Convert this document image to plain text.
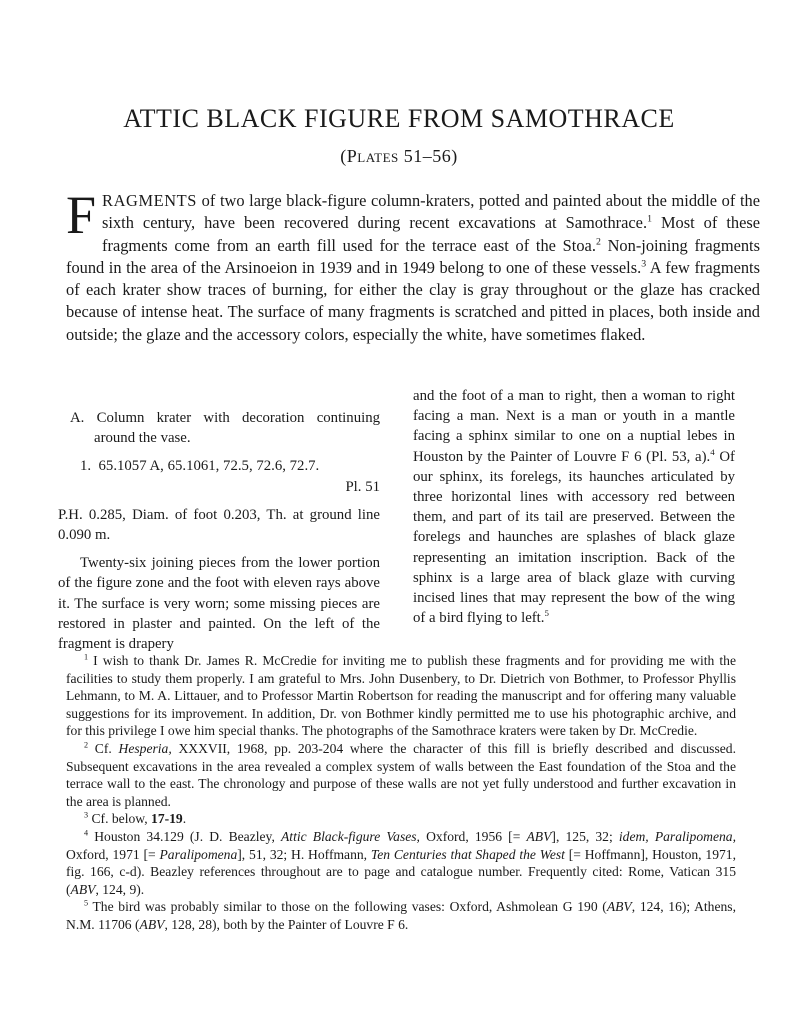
ATTIC BLACK FIGURE FROM SAMOTHRACE
(Plates 51–56)
FRAGMENTS of two large black-figure column-kraters, potted and painted about the middle of the sixth century, have been recovered during recent excavations at Samothrace.$^1$ Most of these fragments come from an earth fill used for the terrace east of the Stoa.$^2$ Non-joining fragments found in the area of the Arsinoeion in 1939 and in 1949 belong to one of these vessels.$^3$ A few fragments of each krater show traces of burning, for either the clay is gray throughout or the glaze has cracked because of intense heat. The surface of many fragments is scratched and pitted in places, both inside and outside; the glaze and the accessory colors, especially the white, have sometimes flaked.
A. Column krater with decoration continuing around the vase.
1. 65.1057 A, 65.1061, 72.5, 72.6, 72.7.
Pl. 51
P.H. 0.285, Diam. of foot 0.203, Th. at ground line 0.090 m.
Twenty-six joining pieces from the lower portion of the figure zone and the foot with eleven rays above it. The surface is very worn; some missing pieces are restored in plaster and painted. On the left of the fragment is drapery
and the foot of a man to right, then a woman to right facing a man. Next is a man or youth in a mantle facing a sphinx similar to one on a nuptial lebes in Houston by the Painter of Louvre F 6 (Pl. 53, a).$^4$ Of our sphinx, its forelegs, its haunches articulated by three horizontal lines with accessory red between them, and part of its tail are preserved. Between the forelegs and haunches are splashes of black glaze representing an imitation inscription. Back of the sphinx is a large area of black glaze with curving incised lines that may represent the bow of the wing of a bird flying to left.$^5$

$^1$ I wish to thank Dr. James R. McCredie for inviting me to publish these fragments and for providing me with the facilities to study them properly. I am grateful to Mrs. John Dusenbery, to Dr. Dietrich von Bothmer, to Professor Phyllis Lehmann, to M. A. Littauer, and to Professor Martin Robertson for reading the manuscript and for offering many valuable suggestions for its improvement. In addition, Dr. von Bothmer kindly permitted me to use his photographic archive, and for this privilege I owe him special thanks. The photographs of the Samothrace kraters were taken by Dr. McCredie.

$^2$ Cf. Hesperia, XXXVII, 1968, pp. 203-204 where the character of this fill is briefly described and discussed. Subsequent excavations in the area revealed a complex system of walls between the East foundation of the Stoa and the terrace wall to the east. The chronology and purpose of these walls are not yet fully understood and further excavation in the area is planned.

$^3$ Cf. below, 17-19.

$^4$ Houston 34.129 (J. D. Beazley, Attic Black-figure Vases, Oxford, 1956 [= ABV], 125, 32; idem, Paralipomena, Oxford, 1971 [= Paralipomena], 51, 32; H. Hoffmann, Ten Centuries that Shaped the West [= Hoffmann], Houston, 1971, fig. 166, c-d). Beazley references throughout are to page and catalogue number. Frequently cited: Rome, Vatican 315 (ABV, 124, 9).

$^5$ The bird was probably similar to those on the following vases: Oxford, Ashmolean G 190 (ABV, 124, 16); Athens, N.M. 11706 (ABV, 128, 28), both by the Painter of Louvre F 6.
